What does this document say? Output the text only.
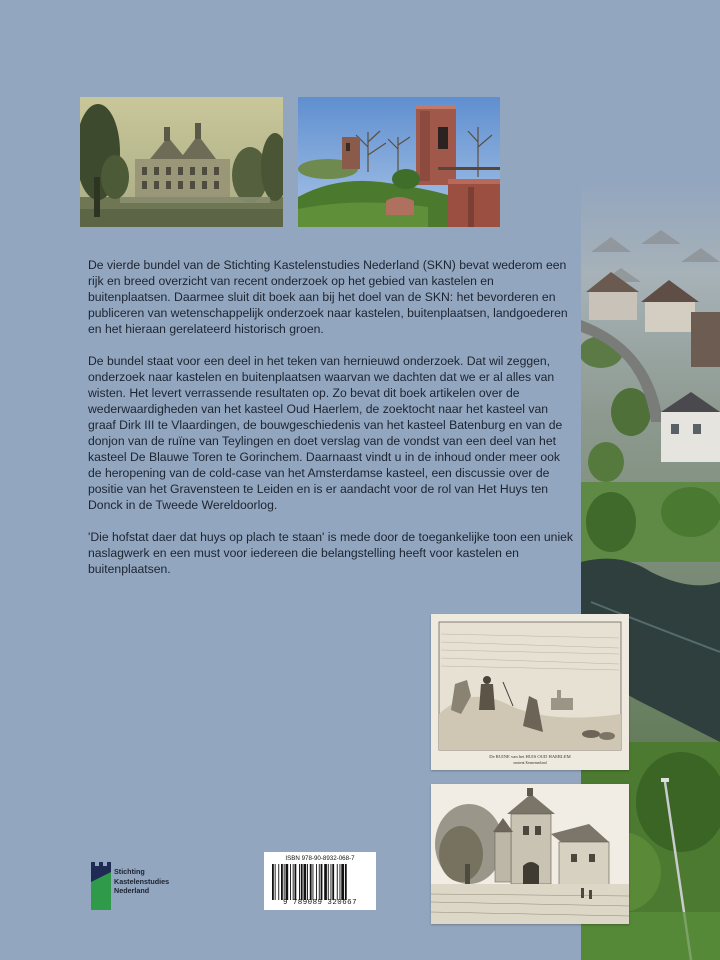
De vierde bundel van de Stichting Kastelenstudies Nederland (SKN) bevat wederom een rijk en breed overzicht van recent onderzoek op het gebied van kastelen en buitenplaatsen. Daarmee sluit dit boek aan bij het doel van de SKN: het bevorderen en publiceren van wetenschappelijk onderzoek naar kastelen, buitenplaatsen, landgoederen en het hieraan gerelateerd historisch groen.

De bundel staat voor een deel in het teken van hernieuwd onderzoek. Dat wil zeggen, onderzoek naar kastelen en buitenplaatsen waarvan we dachten dat we er al alles van wisten. Het levert verrassende resultaten op. Zo bevat dit boek artikelen over de wederwaardigheden van het kasteel Oud Haerlem, de zoektocht naar het kasteel van graaf Dirk III te Vlaardingen, de bouwgeschiedenis van het kasteel Batenburg en van de donjon van de ruïne van Teylingen en doet verslag van de vondst van een deel van het kasteel De Blauwe Toren te Gorinchem. Daarnaast vindt u in de inhoud onder meer ook de heropening van de cold-case van het Amsterdamse kasteel, een discussie over de positie van het Gravensteen te Leiden en is er aandacht voor de rol van Het Huys ten Donck in de Tweede Wereldoorlog.

'Die hofstat daer dat huys op plach te staan' is mede door de toegankelijke toon een uniek naslagwerk en een must voor iedereen die belangstelling heeft voor kastelen en buitenplaatsen.

De RUINE van het HUIS OUD HAERLEM
omtrent Kennemerland
Stichting
Kastelenstudies
Nederland
ISBN 978-90-8932-068-7
9 789089 320667
